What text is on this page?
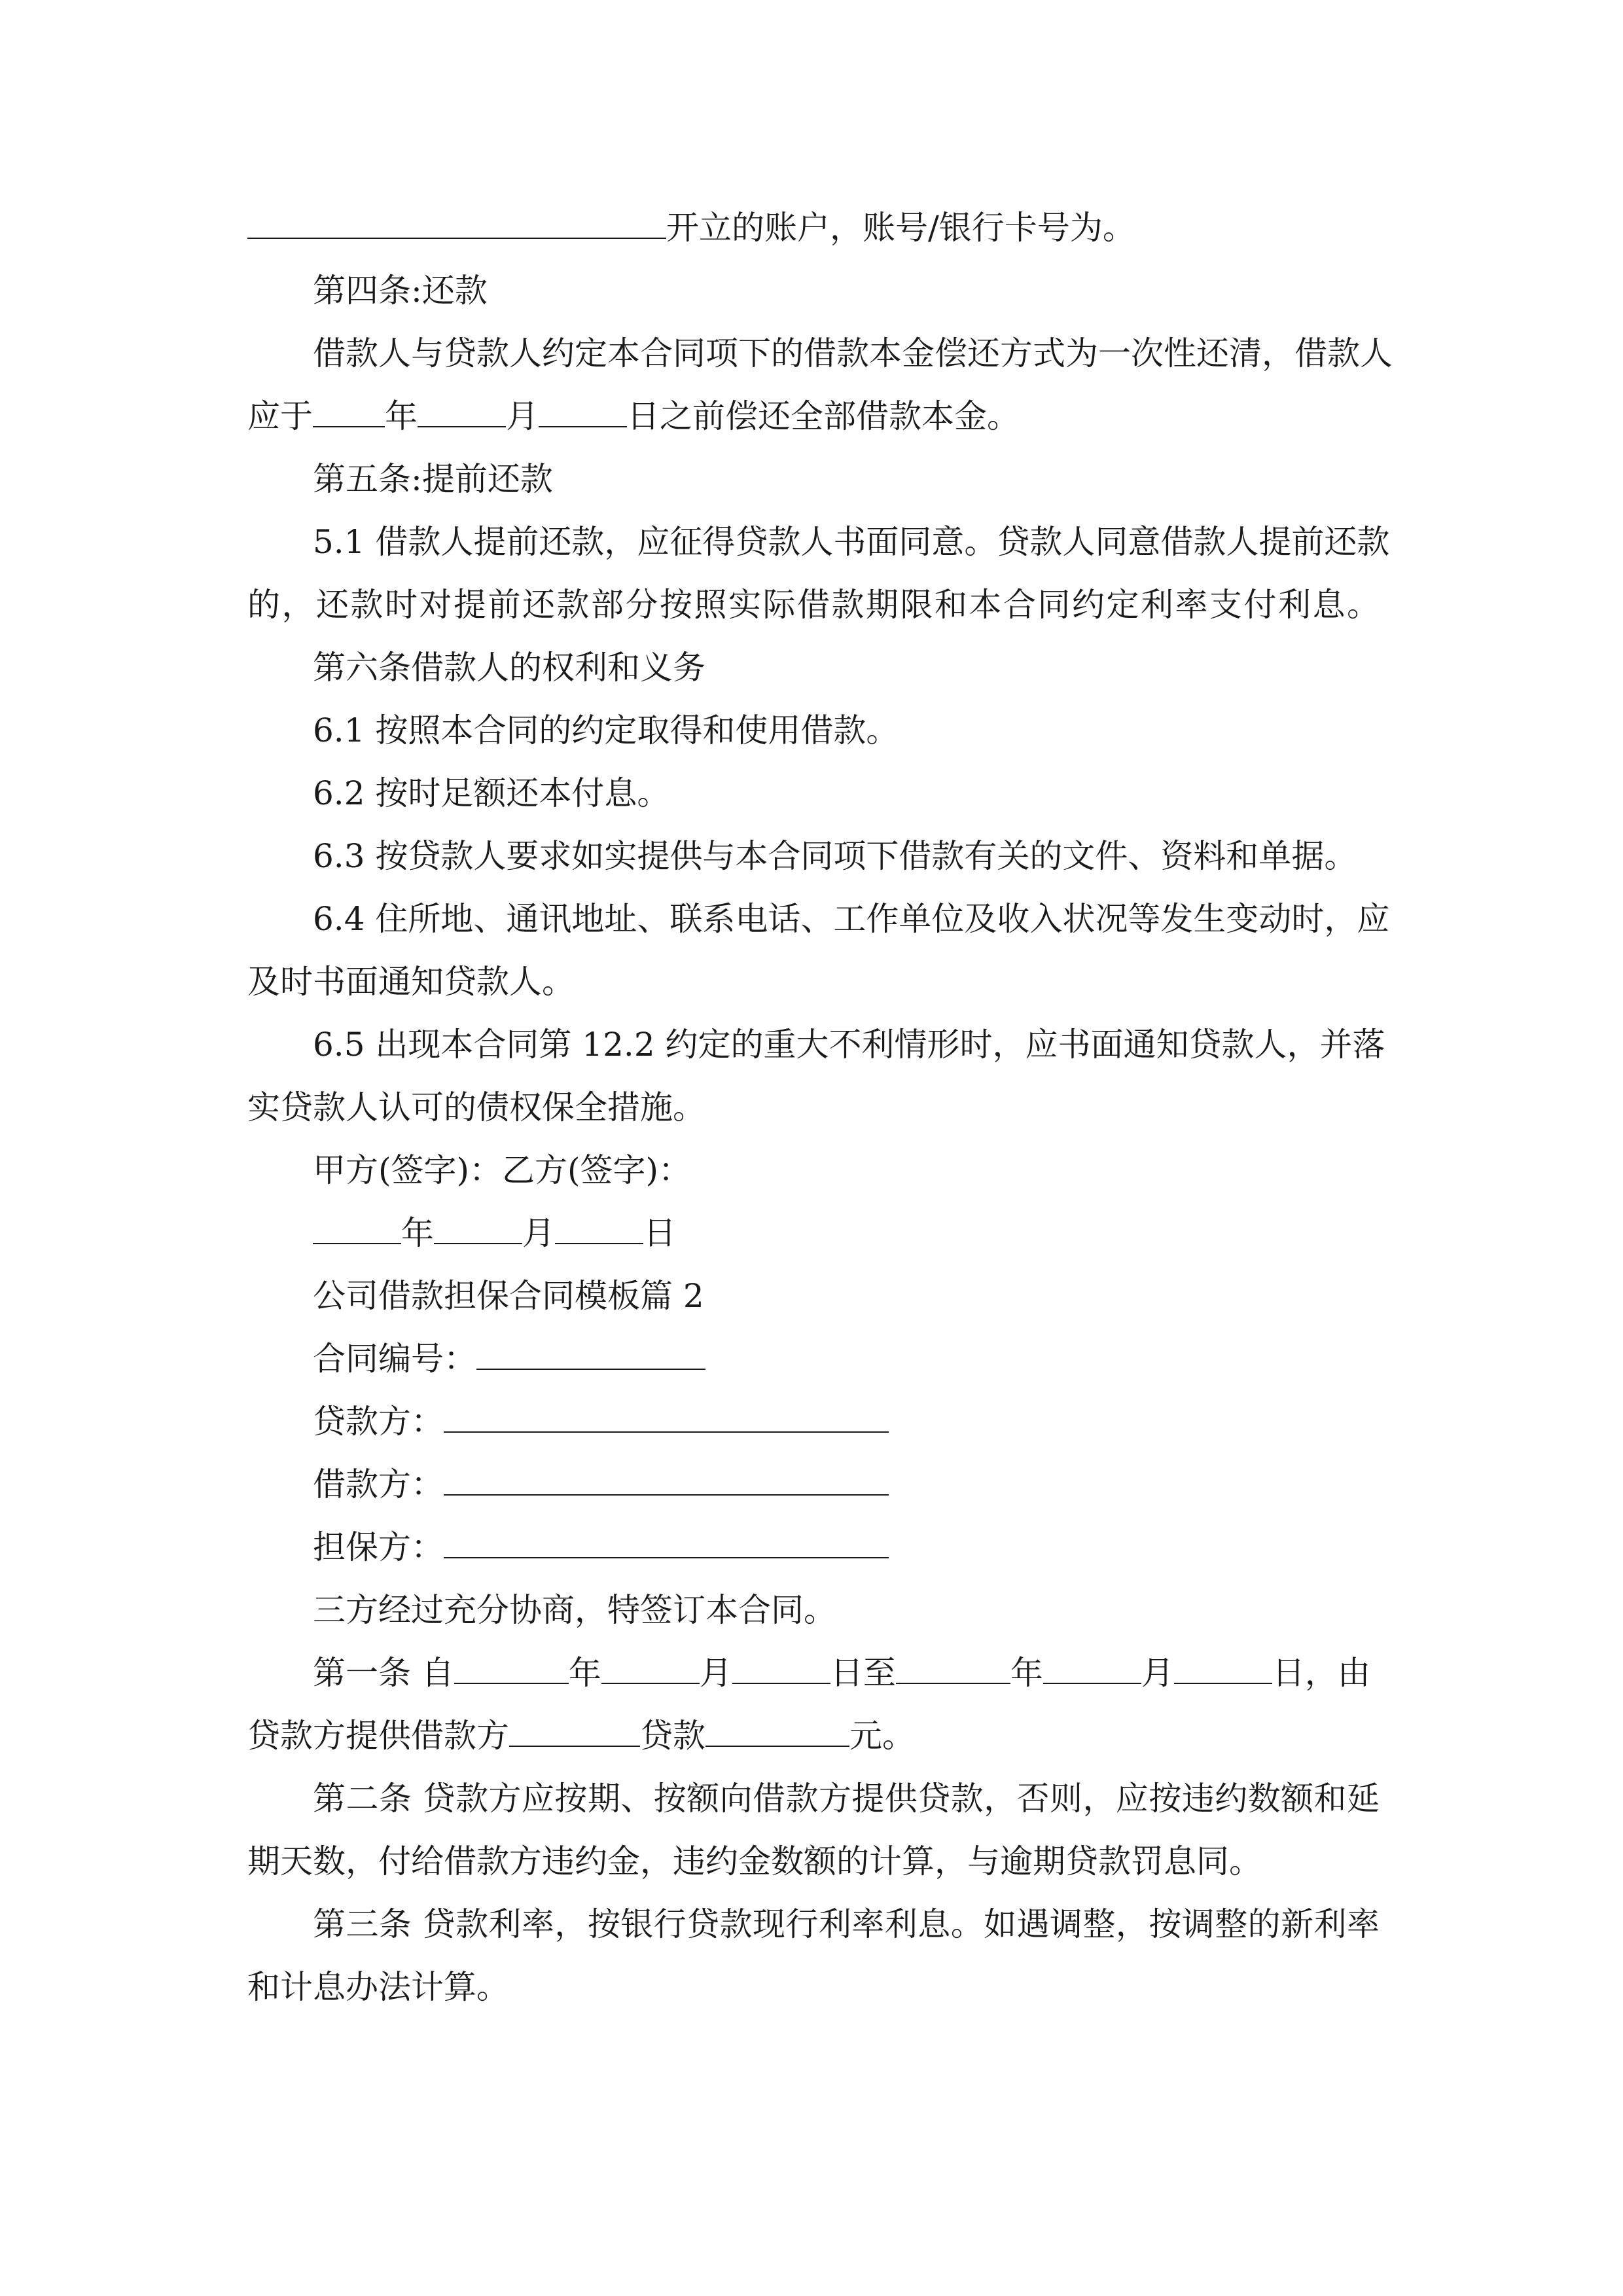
开立的账户，账号/银行卡号为。
第四条:还款
借款人与贷款人约定本合同项下的借款本金偿还方式为一次性还清，借款人
应于 年	月	日之前偿还全部借款本金。
第五条:提前还款
5.1 借款人提前还款，应征得贷款人书面同意。贷款人同意借款人提前还款
的，还款时对提前还款部分按照实际借款期限和本合同约定利率支付利息。
第六条借款人的权利和义务
6.1 按照本合同的约定取得和使用借款。
6.2 按时足额还本付息。
6.3 按贷款人要求如实提供与本合同项下借款有关的文件、资料和单据。
6.4 住所地、通讯地址、联系电话、工作单位及收入状况等发生变动时，应
及时书面通知贷款人。
6.5 出现本合同第 12.2 约定的重大不利情形时，应书面通知贷款人，并落
实贷款人认可的债权保全措施。
甲方(签字)：乙方(签字)：
年	月	日
公司借款担保合同模板篇 2
合同编号：
贷款方：
借款方：
担保方：
三方经过充分协商，特签订本合同。
第一条 自	年	月	日至	年	月	日，由
贷款方提供借款方	贷款	元。
第二条 贷款方应按期、按额向借款方提供贷款，否则，应按违约数额和延
期天数，付给借款方违约金，违约金数额的计算，与逾期贷款罚息同。
第三条 贷款利率，按银行贷款现行利率利息。如遇调整，按调整的新利率
和计息办法计算。
